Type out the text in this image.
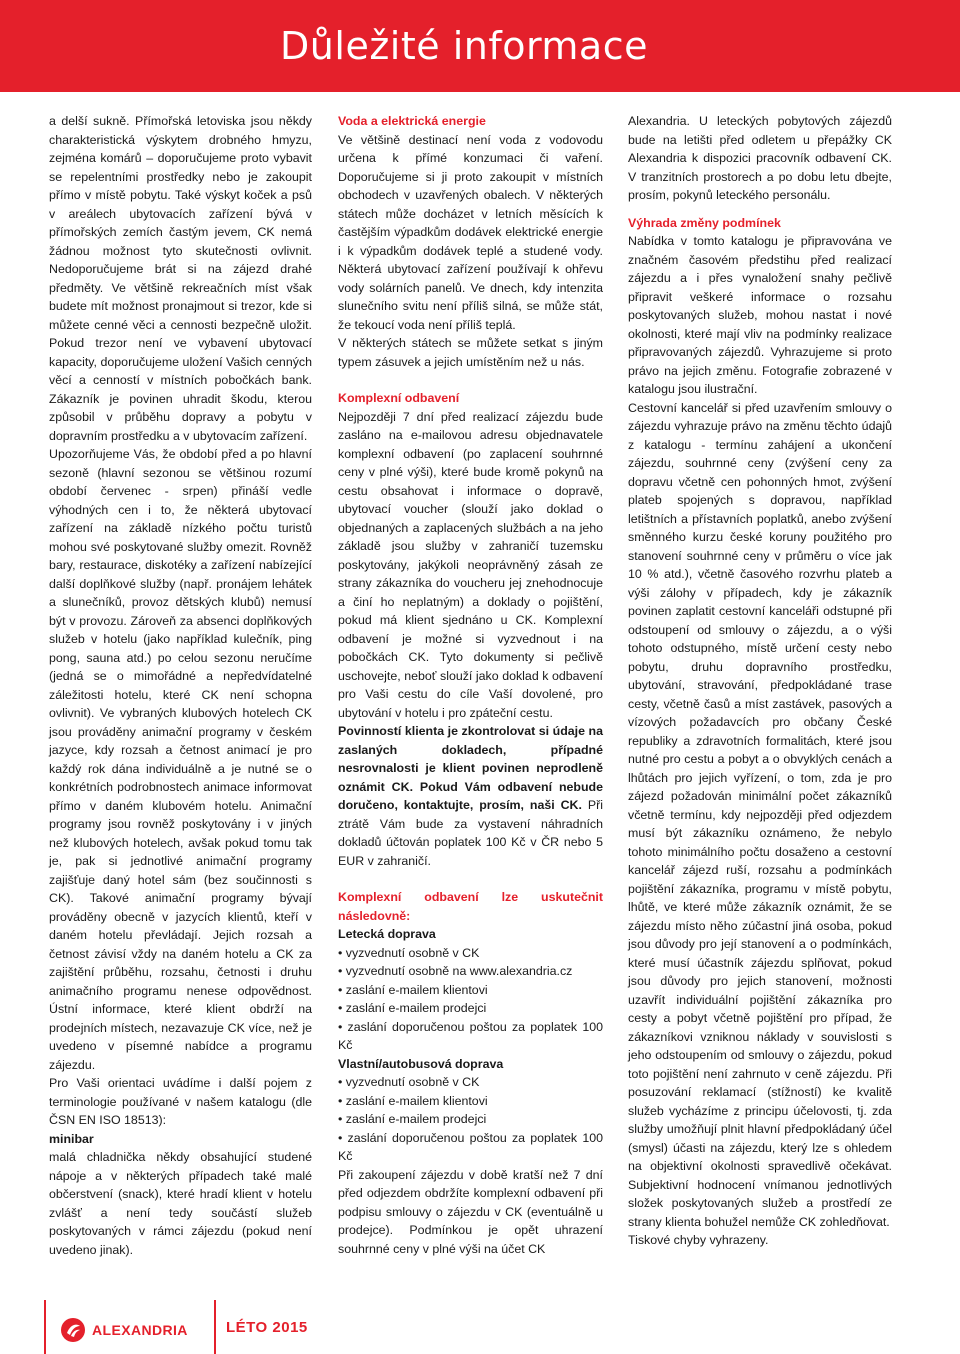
Důležité informace

a delší sukně. Přímořská letoviska jsou někdy charakteristická výskytem drobného hmyzu, zejména komárů – doporučujeme proto vybavit se repelentními prostředky nebo je zakoupit přímo v místě pobytu. Také výskyt koček a psů v areálech ubytovacích zařízení bývá v přímořských zemích častým jevem, CK nemá žádnou možnost tyto skutečnosti ovlivnit. Nedoporučujeme brát si na zájezd drahé předměty. Ve většině rekreačních míst však budete mít možnost pronajmout si trezor, kde si můžete cenné věci a cennosti bezpečně uložit. Pokud trezor není ve vybavení ubytovací kapacity, doporučujeme uložení Vašich cenných věcí a cenností v místních pobočkách bank. Zákazník je povinen uhradit škodu, kterou způsobil v průběhu dopravy a pobytu v dopravním prostředku a v ubytovacím zařízení.

Upozorňujeme Vás, že období před a po hlavní sezoně (hlavní sezonou se většinou rozumí období červenec - srpen) přináší vedle výhodných cen i to, že některá ubytovací zařízení na základě nízkého počtu turistů mohou své poskytované služby omezit. Rovněž bary, restaurace, diskotéky a zařízení nabízející další doplňkové služby (např. pronájem lehátek a slunečníků, provoz dětských klubů) nemusí být v provozu. Zároveň za absenci doplňkových služeb v hotelu (jako například kulečník, ping pong, sauna atd.) po celou sezonu neručíme (jedná se o mimořádné a nepředvídatelné záležitosti hotelu, které CK není schopna ovlivnit). Ve vybraných klubových hotelech CK jsou prováděny animační programy v českém jazyce, kdy rozsah a četnost animací je pro každý rok dána individuálně a je nutné se o konkrétních podrobnostech animace informovat přímo v daném klubovém hotelu. Animační programy jsou rovněž poskytovány i v jiných než klubových hotelech, avšak pokud tomu tak je, pak si jednotlivé animační programy zajišťuje daný hotel sám (bez součinnosti s CK). Takové animační programy bývají prováděny obecně v jazycích klientů, kteří v daném hotelu převládají. Jejich rozsah a četnost závisí vždy na daném hotelu a CK za zajištění průběhu, rozsahu, četnosti i druhu animačního programu nenese odpovědnost. Ústní informace, které klient obdrží na prodejních místech, nezavazuje CK více, než je uvedeno v písemné nabídce a programu zájezdu.

Pro Vaši orientaci uvádíme i další pojem z terminologie používané v našem katalogu (dle ČSN EN ISO 18513):

minibar

malá chladnička někdy obsahující studené nápoje a v některých případech také malé občerstvení (snack), které hradí klient v hotelu zvlášť a není tedy součástí služeb poskytovaných v rámci zájezdu (pokud není uvedeno jinak).

Voda a elektrická energie

Ve většině destinací není voda z vodovodu určena k přímé konzumaci či vaření. Doporučujeme si ji proto zakoupit v místních obchodech v uzavřených obalech. V některých státech může docházet v letních měsících k častějším výpadkům dodávek elektrické energie i k výpadkům dodávek teplé a studené vody. Některá ubytovací zařízení používají k ohřevu vody solárních panelů. Ve dnech, kdy intenzita slunečního svitu není příliš silná, se může stát, že tekoucí voda není příliš teplá.

V některých státech se můžete setkat s jiným typem zásuvek a jejich umístěním než u nás.

Komplexní odbavení

Nejpozději 7 dní před realizací zájezdu bude zasláno na e-mailovou adresu objednavatele komplexní odbavení (po zaplacení souhrnné ceny v plné výši), které bude kromě pokynů na cestu obsahovat i informace o dopravě, ubytovací voucher (slouží jako doklad o objednaných a zaplacených službách a na jeho základě jsou služby v zahraničí tuzemsku poskytovány, jakýkoli neoprávněný zásah ze strany zákazníka do voucheru jej znehodnocuje a činí ho neplatným) a doklady o pojištění, pokud má klient sjednáno u CK. Komplexní odbavení je možné si vyzvednout i na pobočkách CK. Tyto dokumenty si pečlivě uschovejte, neboť slouží jako doklad k odbavení pro Vaši cestu do cíle Vaší dovolené, pro ubytování v hotelu i pro zpáteční cestu.

Povinností klienta je zkontrolovat si údaje na zaslaných dokladech, případné nesrovnalosti je klient povinen neprodleně oznámit CK. Pokud Vám odbavení nebude doručeno, kontaktujte, prosím, naši CK. Při ztrátě Vám bude za vystavení náhradních dokladů účtován poplatek 100 Kč v ČR nebo 5 EUR v zahraničí.

Komplexní odbavení lze uskutečnit následovně:

Letecká doprava

• vyzvednutí osobně v CK
• vyzvednutí osobně na www.alexandria.cz
• zaslání e-mailem klientovi
• zaslání e-mailem prodejci
• zaslání doporučenou poštou za poplatek 100 Kč

Vlastní/autobusová doprava

• vyzvednutí osobně v CK
• zaslání e-mailem klientovi
• zaslání e-mailem prodejci
• zaslání doporučenou poštou za poplatek 100 Kč

Při zakoupení zájezdu v době kratší než 7 dní před odjezdem obdržíte komplexní odbavení při podpisu smlouvy o zájezdu v CK (eventuálně u prodejce). Podmínkou je opět uhrazení souhrnné ceny v plné výši na účet CK

Alexandria. U leteckých pobytových zájezdů bude na letišti před odletem u přepážky CK Alexandria k dispozici pracovník odbavení CK. V tranzitních prostorech a po dobu letu dbejte, prosím, pokynů leteckého personálu.

Výhrada změny podmínek

Nabídka v tomto katalogu je připravována ve značném časovém předstihu před realizací zájezdu a i přes vynaložení snahy pečlivě připravit veškeré informace o rozsahu poskytovaných služeb, mohou nastat i nové okolnosti, které mají vliv na podmínky realizace připravovaných zájezdů. Vyhrazujeme si proto právo na jejich změnu. Fotografie zobrazené v katalogu jsou ilustrační.

Cestovní kancelář si před uzavřením smlouvy o zájezdu vyhrazuje právo na změnu těchto údajů z katalogu - termínu zahájení a ukončení zájezdu, souhrnné ceny (zvýšení ceny za dopravu včetně cen pohonných hmot, zvýšení plateb spojených s dopravou, například letištních a přístavních poplatků, anebo zvýšení směnného kurzu české koruny použitého pro stanovení souhrnné ceny v průměru o více jak 10 % atd.), včetně časového rozvrhu plateb a výši zálohy v případech, kdy je zákazník povinen zaplatit cestovní kanceláři odstupné při odstoupení od smlouvy o zájezdu, a o výši tohoto odstupného, místě určení cesty nebo pobytu, druhu dopravního prostředku, ubytování, stravování, předpokládané trase cesty, včetně časů a míst zastávek, pasových a vízových požadavcích pro občany České republiky a zdravotních formalitách, které jsou nutné pro cestu a pobyt a o obvyklých cenách a lhůtách pro jejich vyřízení, o tom, zda je pro zájezd požadován minimální počet zákazníků včetně termínu, kdy nejpozději před odjezdem musí být zákazníku oznámeno, že nebylo tohoto minimálního počtu dosaženo a cestovní kancelář zájezd ruší, rozsahu a podmínkách pojištění zákazníka, programu v místě pobytu, lhůtě, ve které může zákazník oznámit, že se zájezdu místo něho zúčastní jiná osoba, pokud jsou důvody pro její stanovení a o podmínkách, které musí účastník zájezdu splňovat, pokud jsou důvody pro jejich stanovení, možnosti uzavřít individuální pojištění zákazníka pro cesty a pobyt včetně pojištění pro případ, že zákazníkovi vzniknou náklady v souvislosti s jeho odstoupením od smlouvy o zájezdu, pokud toto pojištění není zahrnuto v ceně zájezdu. Při posuzování reklamací (stížností) ke kvalitě služeb vycházíme z principu účelovosti, tj. zda služby umožňují plnit hlavní předpokládaný účel (smysl) účasti na zájezdu, který lze s ohledem na objektivní okolnosti spravedlivě očekávat. Subjektivní hodnocení vnímanou jednotlivých složek poskytovaných služeb a prostředí ze strany klienta bohužel nemůže CK zohledňovat.

Tiskové chyby vyhrazeny.

ALEXANDRIA	LÉTO 2015
